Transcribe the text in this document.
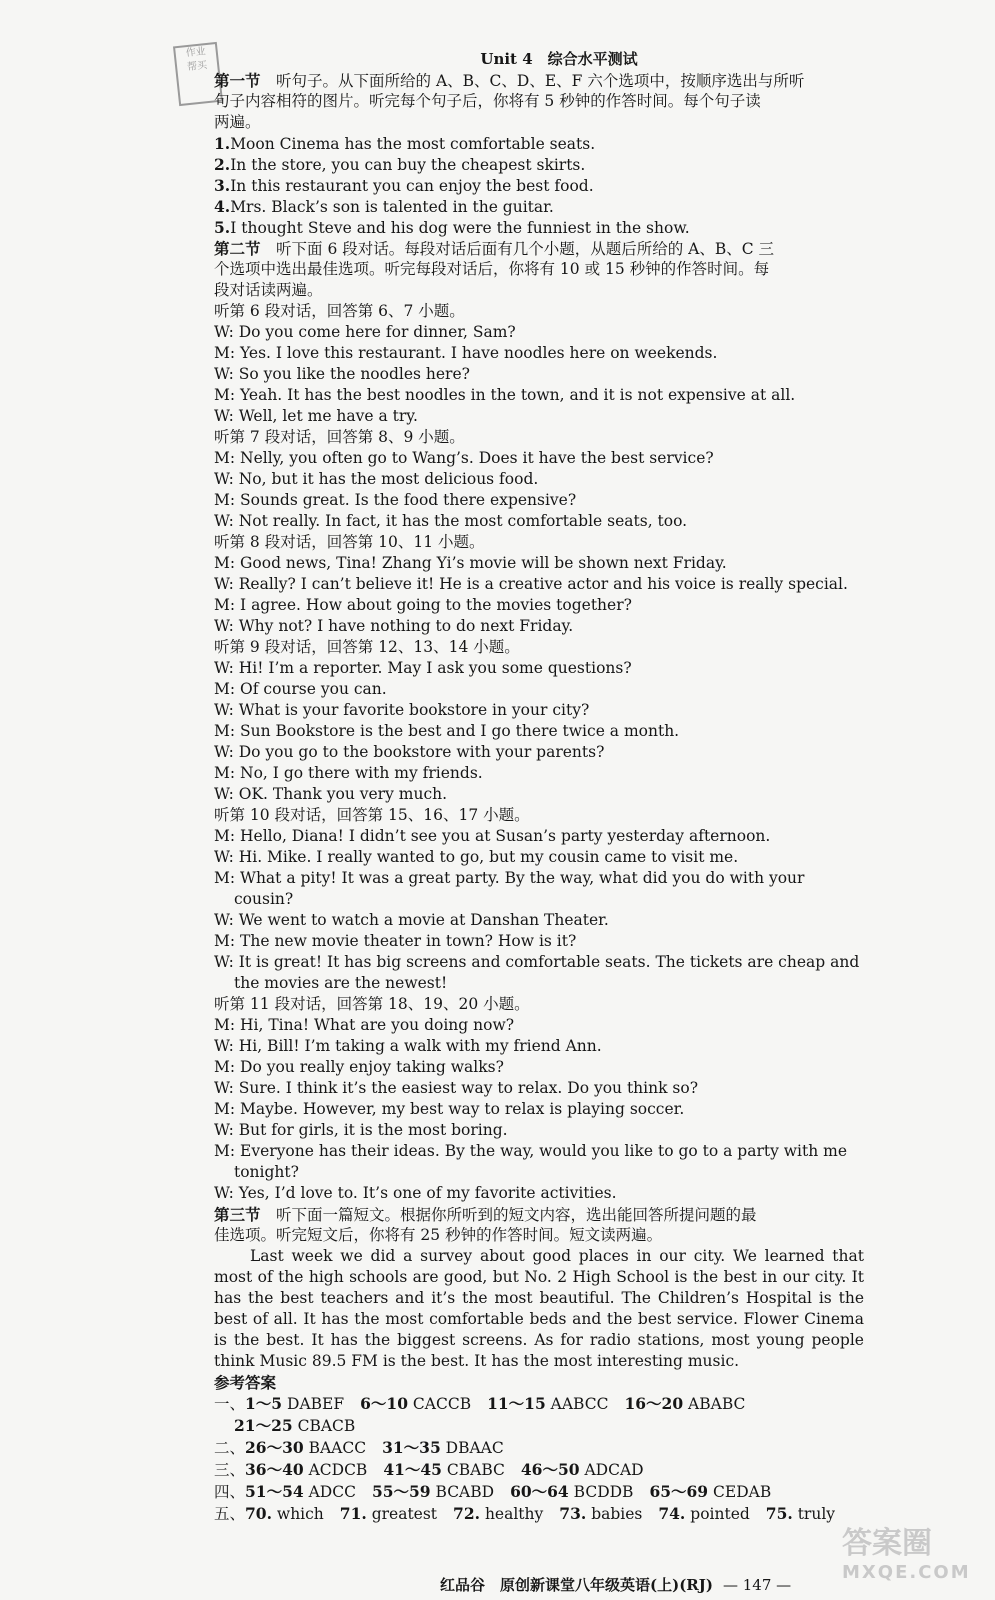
作业
帮买	Unit 4　综合水平测试
第一节　 听句子。从下面所给的 A、B、C、D、E、F 六个选项中，按顺序选出与所听
句子内容相符的图片。听完每个句子后，你将有 5 秒钟的作答时间。每个句子读
两遍。
1.Moon Cinema has the most comfortable seats.
2.In the store, you can buy the cheapest skirts.
3.In this restaurant you can enjoy the best food.
4.Mrs. Black’s son is talented in the guitar.
5.I thought Steve and his dog were the funniest in the show.
第二节　 听下面 6 段对话。每段对话后面有几个小题，从题后所给的 A、B、C 三
个选项中选出最佳选项。听完每段对话后，你将有 10 或 15 秒钟的作答时间。每
段对话读两遍。
听第 6 段对话，回答第 6、7 小题。
W: Do you come here for dinner, Sam?
M: Yes. I love this restaurant. I have noodles here on weekends.
W: So you like the noodles here?
M: Yeah. It has the best noodles in the town, and it is not expensive at all.
W: Well, let me have a try.
听第 7 段对话，回答第 8、9 小题。
M: Nelly, you often go to Wang’s. Does it have the best service?
W: No, but it has the most delicious food.
M: Sounds great. Is the food there expensive?
W: Not really. In fact, it has the most comfortable seats, too.
听第 8 段对话，回答第 10、11 小题。
M: Good news, Tina! Zhang Yi’s movie will be shown next Friday.
W: Really? I can’t believe it! He is a creative actor and his voice is really special.
M: I agree. How about going to the movies together?
W: Why not? I have nothing to do next Friday.
听第 9 段对话，回答第 12、13、14 小题。
W: Hi! I’m a reporter. May I ask you some questions?
M: Of course you can.
W: What is your favorite bookstore in your city?
M: Sun Bookstore is the best and I go there twice a month.
W: Do you go to the bookstore with your parents?
M: No, I go there with my friends.
W: OK. Thank you very much.
听第 10 段对话，回答第 15、16、17 小题。
M: Hello, Diana! I didn’t see you at Susan’s party yesterday afternoon.
W: Hi. Mike. I really wanted to go, but my cousin came to visit me.
M: What a pity! It was a great party. By the way, what did you do with your
cousin?
W: We went to watch a movie at Danshan Theater.
M: The new movie theater in town? How is it?
W: It is great! It has big screens and comfortable seats. The tickets are cheap and
the movies are the newest!
听第 11 段对话，回答第 18、19、20 小题。
M: Hi, Tina! What are you doing now?
W: Hi, Bill! I’m taking a walk with my friend Ann.
M: Do you really enjoy taking walks?
W: Sure. I think it’s the easiest way to relax. Do you think so?
M: Maybe. However, my best way to relax is playing soccer.
W: But for girls, it is the most boring.
M: Everyone has their ideas. By the way, would you like to go to a party with me
tonight?
W: Yes, I’d love to. It’s one of my favorite activities.
第三节　 听下面一篇短文。根据你所听到的短文内容，选出能回答所提问题的最
佳选项。听完短文后，你将有 25 秒钟的作答时间。短文读两遍。
Last week we did a survey about good places in our city. We learned that most of the high schools are good, but No. 2 High School is the best in our city. It has the best teachers and it’s the most beautiful. The Children’s Hospital is the best of all. It has the most comfortable beds and the best service. Flower Cinema is the best. It has the biggest screens. As for radio stations, most young people think Music 89.5 FM is the best. It has the most interesting music.
参考答案
一、1～5 DABEF 6～10 CACCB 11～15 AABCC 16～20 ABABC
21～25 CBACB
二、26～30 BAACC 31～35 DBAAC
三、36～40 ACDCB 41～45 CBABC 46～50 ADCAD
四、51～54 ADCC 55～59 BCABD 60～64 BCDDB 65～69 CEDAB
五、70. which 71. greatest 72. healthy 73. babies 74. pointed 75. truly
红品谷　原创新课堂八年级英语(上)(RJ) — 147 —
答案圈
MXQE.COM
